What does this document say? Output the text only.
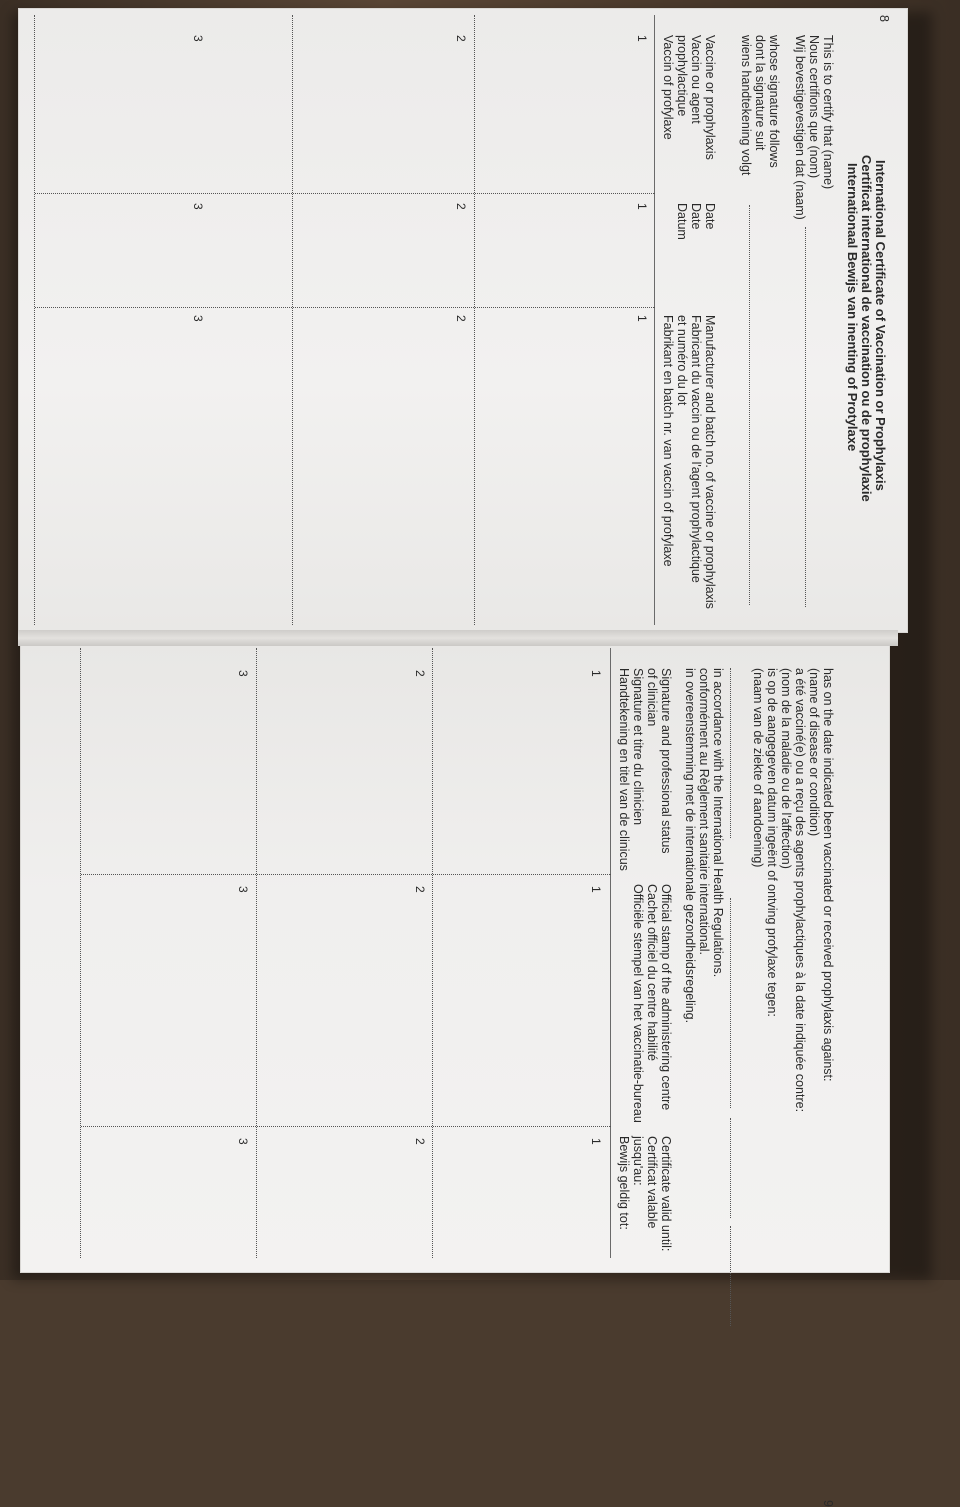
8
International Certificate of Vaccination or Prophylaxis
Certificat international de vaccination ou de prophylaxie
Internationaal Bewijs van inenting of Protylaxe
This is to certify that (name)
Nous certifions que (nom)
Wij bevestigevestigen dat (naam)
whose signature follows
dont la signature suit
wiens handtekening volgt
Vaccine or prophylaxis
Vaccin ou agent
prophylactique
Vaccin of profylaxe
Date
Date
Datum
Manufacturer and batch no. of vaccine or prophylaxis
Fabricant du vaccin ou de l'agent prophylactique
et numéro du lot
Fabrikant en batch nr. van vaccin of profylaxe
1
1
1
2
2
2
3
3
3
has on the date indicated been vaccinated or received prophylaxis against:
(name of disease or condition)
a été vacciné(e) ou a reçu des agents prophylactiques à la date indiquée contre:
(nom de la maladie ou de l'affection)
is op de aangegeven datum ingeënt of ontving profylaxe tegen:
(naam van de ziekte of aandoening)
9
in accordance with the International Health Regulations.
conformément au Règlement sanitaire international.
in overeenstemming met de internationale gezondheidsregeling.
Signature and professional status
of clinician
Signature et titre du clinicien
Handtekening en titel van de clinicus
Official stamp of the administering centre
Cachet officiel du centre habilité
Officiële stempel van het vaccinatie-bureau
Certificate valid until:
Certificat valable
jusqu'au:
Bewijs geldig tot:
1
1
1
2
2
2
3
3
3
